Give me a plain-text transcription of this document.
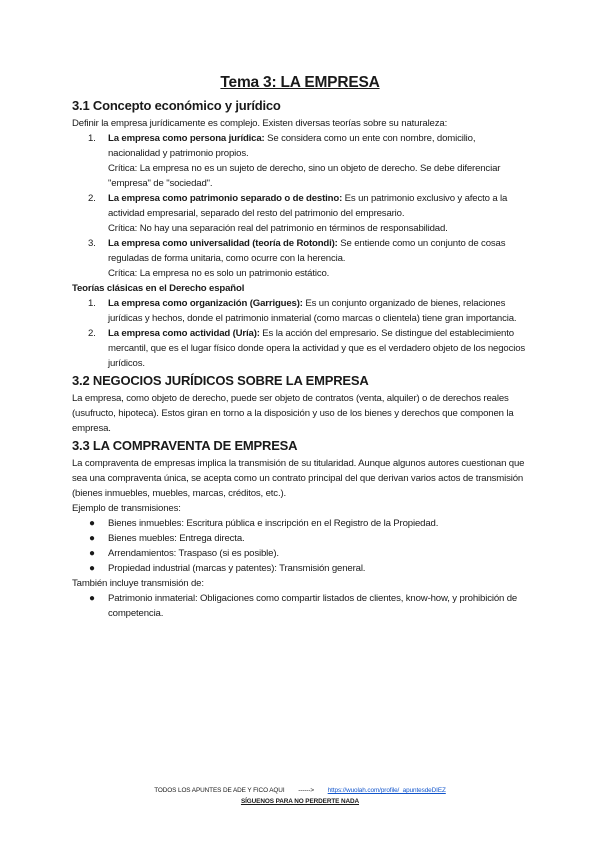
Tema 3: LA EMPRESA
3.1 Concepto económico y jurídico

Definir la empresa jurídicamente es complejo. Existen diversas teorías sobre su naturaleza:

1. La empresa como persona jurídica: Se considera como un ente con nombre, domicilio, nacionalidad y patrimonio propios.
Crítica: La empresa no es un sujeto de derecho, sino un objeto de derecho. Se debe diferenciar "empresa" de "sociedad".
2. La empresa como patrimonio separado o de destino: Es un patrimonio exclusivo y afecto a la actividad empresarial, separado del resto del patrimonio del empresario.
Crítica: No hay una separación real del patrimonio en términos de responsabilidad.
3. La empresa como universalidad (teoría de Rotondi): Se entiende como un conjunto de cosas reguladas de forma unitaria, como ocurre con la herencia.
Crítica: La empresa no es solo un patrimonio estático.

Teorías clásicas en el Derecho español

1. La empresa como organización (Garrigues): Es un conjunto organizado de bienes, relaciones jurídicas y hechos, donde el patrimonio inmaterial (como marcas o clientela) tiene gran importancia.
2. La empresa como actividad (Uría): Es la acción del empresario. Se distingue del establecimiento mercantil, que es el lugar físico donde opera la actividad y que es el verdadero objeto de los negocios jurídicos.
3.2 NEGOCIOS JURÍDICOS SOBRE LA EMPRESA

La empresa, como objeto de derecho, puede ser objeto de contratos (venta, alquiler) o de derechos reales (usufructo, hipoteca). Estos giran en torno a la disposición y uso de los bienes y derechos que componen la empresa.

3.3 LA COMPRAVENTA DE EMPRESA

La compraventa de empresas implica la transmisión de su titularidad. Aunque algunos autores cuestionan que sea una compraventa única, se acepta como un contrato principal del que derivan varios actos de transmisión (bienes inmuebles, muebles, marcas, créditos, etc.).

Ejemplo de transmisiones:

● Bienes inmuebles: Escritura pública e inscripción en el Registro de la Propiedad.
● Bienes muebles: Entrega directa.
● Arrendamientos: Traspaso (si es posible).
● Propiedad industrial (marcas y patentes): Transmisión general.

También incluye transmisión de:

● Patrimonio inmaterial: Obligaciones como compartir listados de clientes, know-how, y prohibición de competencia.
TODOS LOS APUNTES DE ADE Y FICO AQUI ------> https://wuolah.com/profile/_apuntesdeDIEZ
SÍGUENOS PARA NO PERDERTE NADA
